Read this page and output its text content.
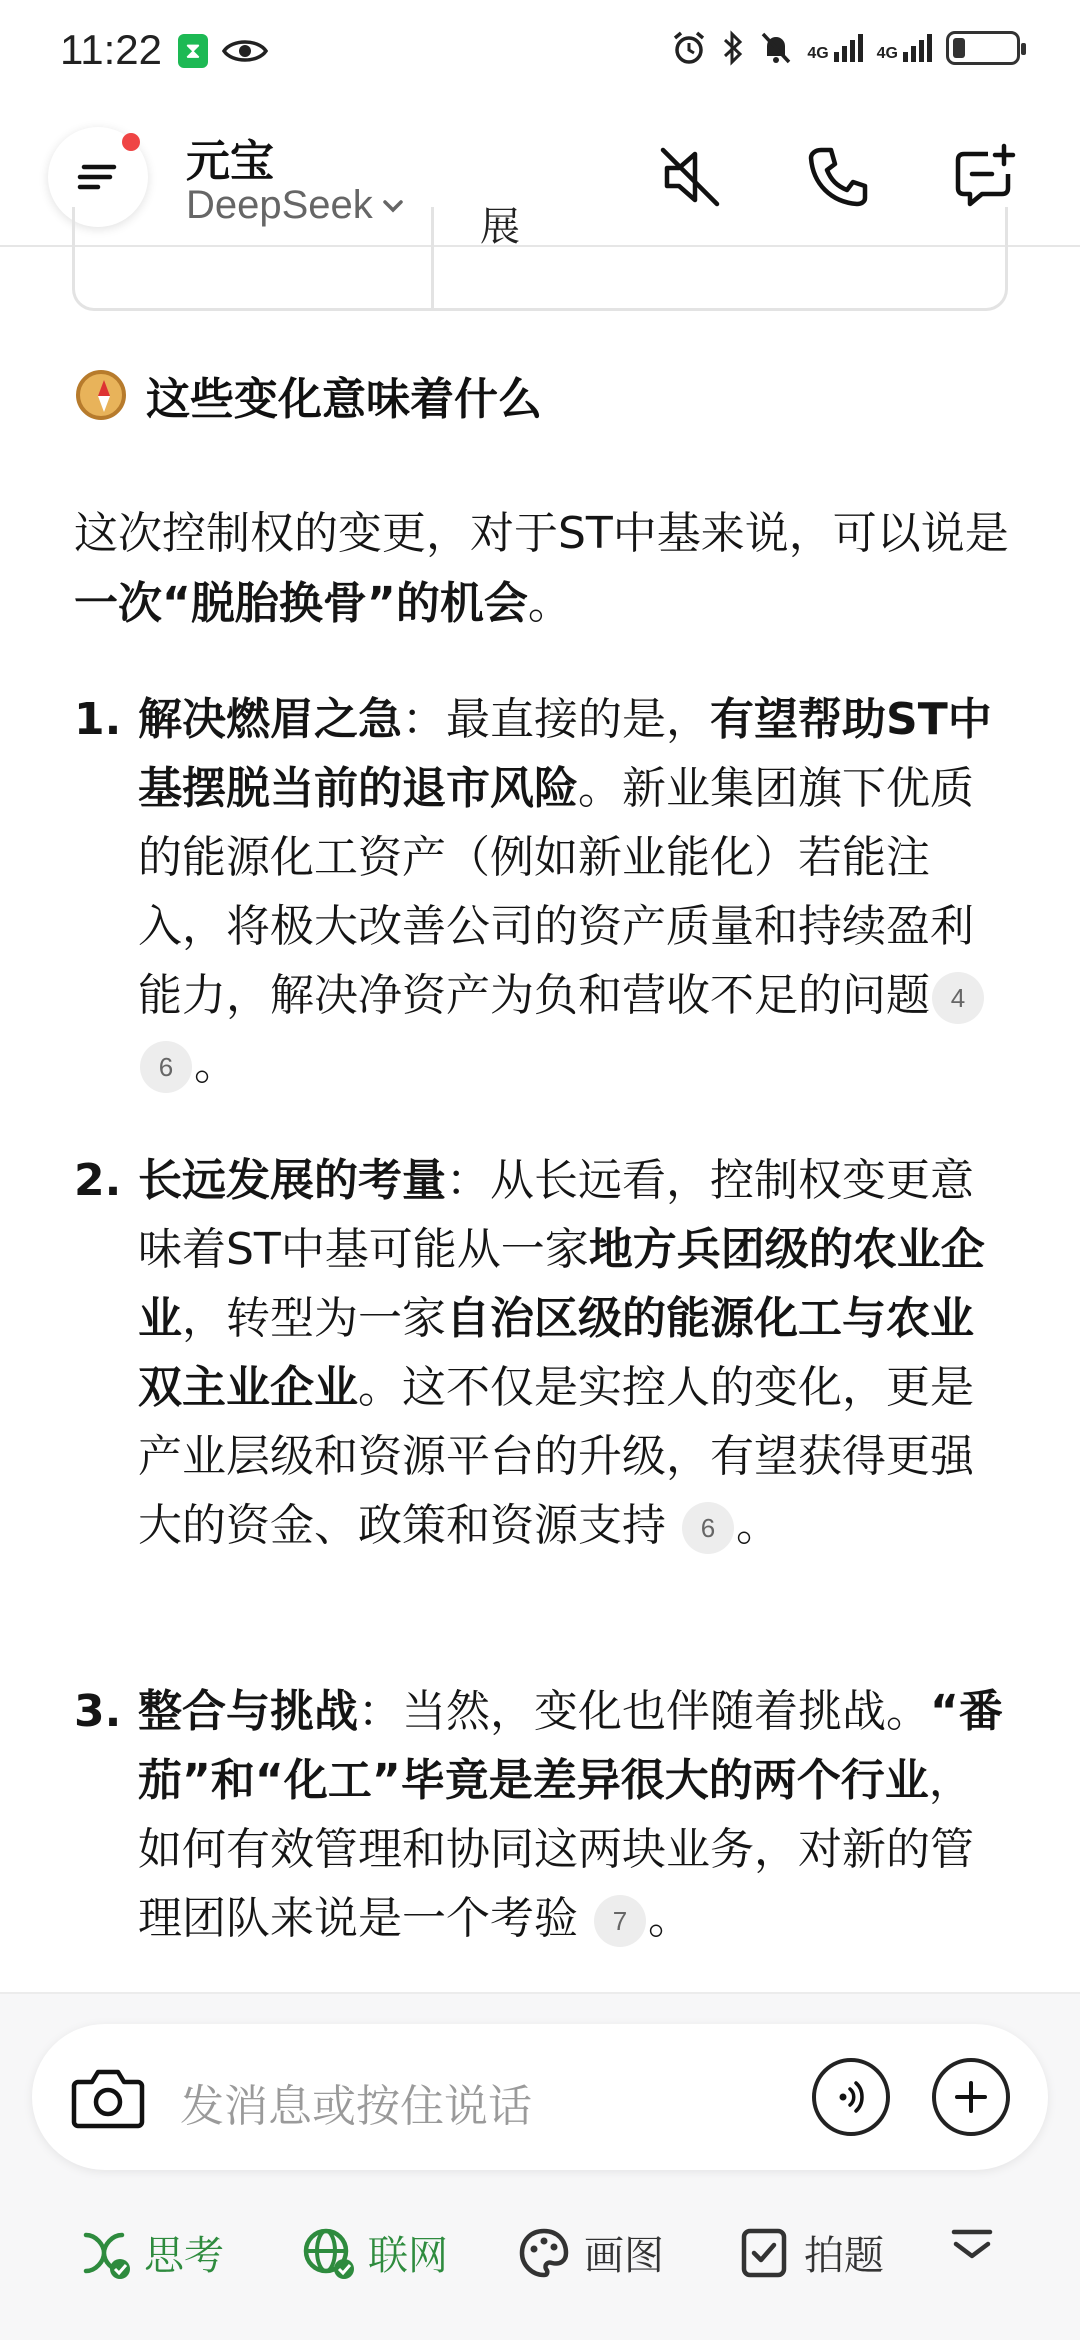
11:22	⧗	4G	4G
元宝
DeepSeek	展
这些变化意味着什么
这次控制权的变更，对于ST中基来说，可以说是一次“脱胎换骨”的机会。
1. 解决燃眉之急：最直接的是，有望帮助ST中基摆脱当前的退市风险。新业集团旗下优质的能源化工资产（例如新业能化）若能注入，将极大改善公司的资产质量和持续盈利能力，解决净资产为负和营收不足的问题 46 。
2. 长远发展的考量：从长远看，控制权变更意味着ST中基可能从一家地方兵团级的农业企业，转型为一家自治区级的能源化工与农业双主业企业。这不仅是实控人的变化，更是产业层级和资源平台的升级，有望获得更强大的资金、政策和资源支持 6 。
3. 整合与挑战：当然，变化也伴随着挑战。“番茄”和“化工”毕竟是差异很大的两个行业，如何有效管理和协同这两块业务，对新的管理团队来说是一个考验 7 。
发消息或按住说话
思考	联网	画图	拍题
